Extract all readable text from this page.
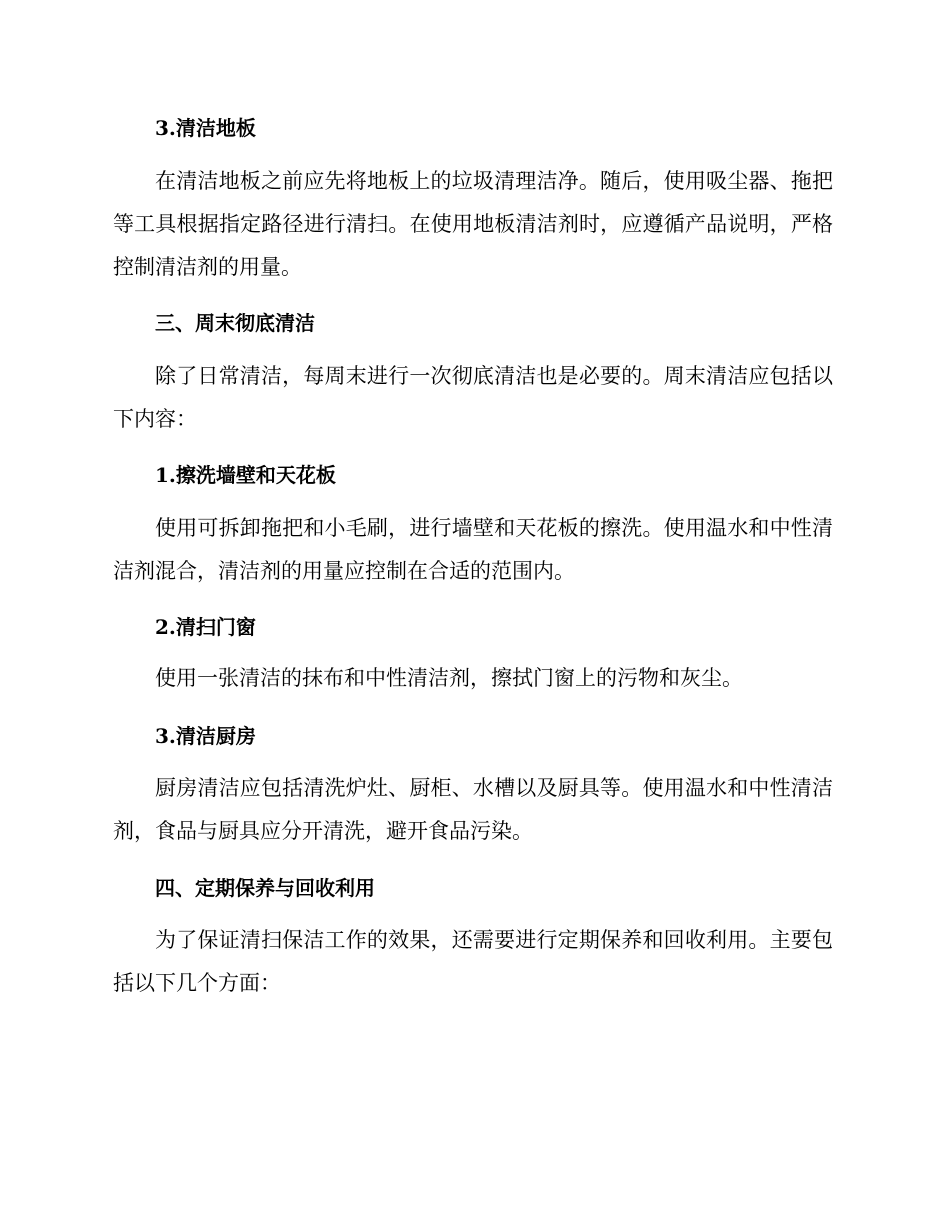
3.清洁地板
在清洁地板之前应先将地板上的垃圾清理洁净。随后，使用吸尘器、拖把等工具根据指定路径进行清扫。在使用地板清洁剂时，应遵循产品说明，严格控制清洁剂的用量。
三、周末彻底清洁
除了日常清洁，每周末进行一次彻底清洁也是必要的。周末清洁应包括以下内容：
1.擦洗墙壁和天花板
使用可拆卸拖把和小毛刷，进行墙壁和天花板的擦洗。使用温水和中性清洁剂混合，清洁剂的用量应控制在合适的范围内。
2.清扫门窗
使用一张清洁的抹布和中性清洁剂，擦拭门窗上的污物和灰尘。
3.清洁厨房
厨房清洁应包括清洗炉灶、厨柜、水槽以及厨具等。使用温水和中性清洁剂，食品与厨具应分开清洗，避开食品污染。
四、定期保养与回收利用
为了保证清扫保洁工作的效果，还需要进行定期保养和回收利用。主要包括以下几个方面：
